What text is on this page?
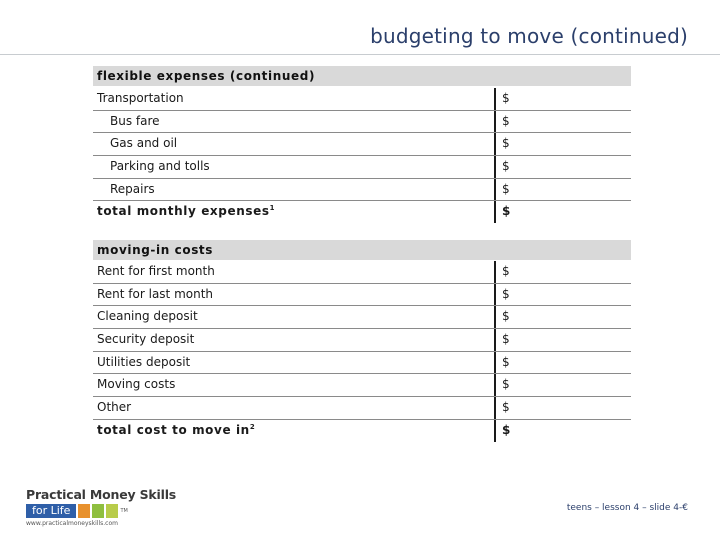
budgeting to move (continued)
flexible expenses (continued)
Transportation	$
Bus fare	$
Gas and oil	$
Parking and tolls	$
Repairs	$
total monthly expenses$^1$	$
moving-in costs
Rent for first month	$
Rent for last month	$
Cleaning deposit	$
Security deposit	$
Utilities deposit	$
Moving costs	$
Other	$
total cost to move $in^2$	$
Practical Money Skills
for Life	TM
www.practicalmoneyskills.com
teens – lesson 4 – slide 4-€
